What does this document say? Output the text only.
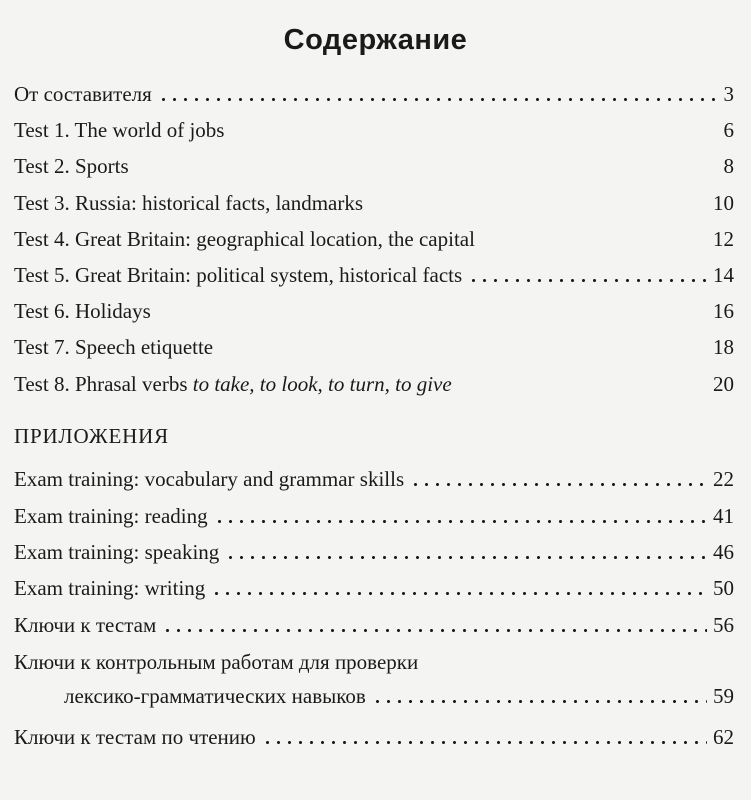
Содержание
От составителя	3
Test 1. The world of jobs	6
Test 2. Sports	8
Test 3. Russia: historical facts, landmarks	10
Test 4. Great Britain: geographical location, the capital	12
Test 5. Great Britain: political system, historical facts	14
Test 6. Holidays	16
Test 7. Speech etiquette	18
Test 8. Phrasal verbs to take, to look, to turn, to give	20
ПРИЛОЖЕНИЯ
Exam training: vocabulary and grammar skills	22
Exam training: reading	41
Exam training: speaking	46
Exam training: writing	50
Ключи к тестам	56
Ключи к контрольным работам для проверки
лексико-грамматических навыков	59
Ключи к тестам по чтению	62
